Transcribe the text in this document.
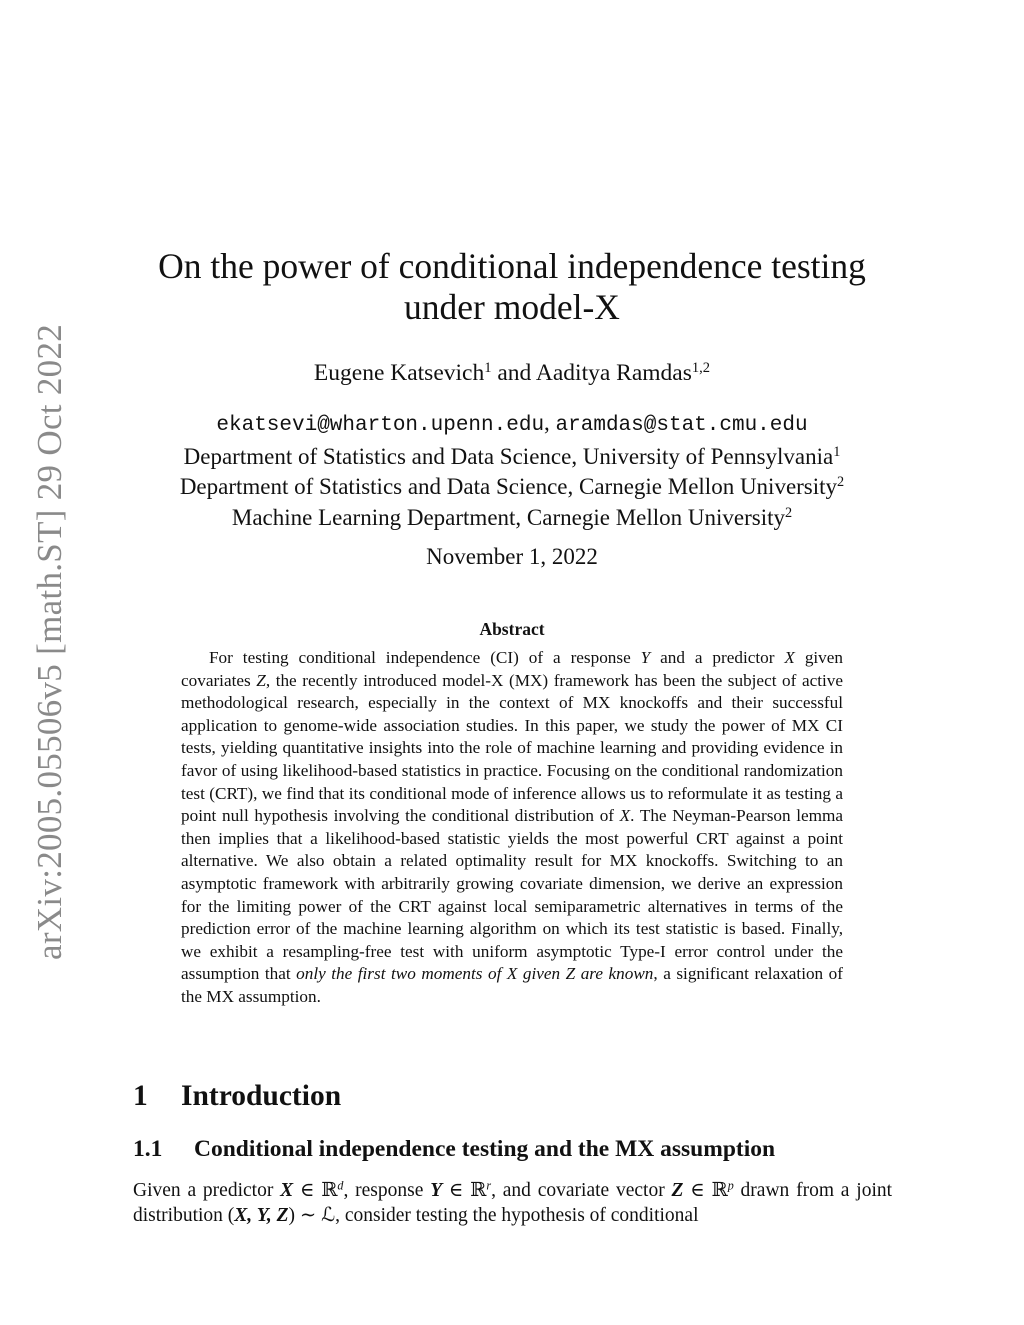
arXiv:2005.05506v5 [math.ST] 29 Oct 2022
On the power of conditional independence testing
under model-X
Eugene Katsevich$^1$ and Aaditya Ramdas$^{1,2}$
ekatsevi@wharton.upenn.edu, aramdas@stat.cmu.edu
Department of Statistics and Data Science, University of Pennsylvania$^1$
Department of Statistics and Data Science, Carnegie Mellon University$^2$
Machine Learning Department, Carnegie Mellon University$^2$
November 1, 2022
Abstract
For testing conditional independence (CI) of a response Y and a predictor X given covariates Z, the recently introduced model-X (MX) framework has been the subject of active methodological research, especially in the context of MX knockoffs and their successful application to genome-wide association studies. In this paper, we study the power of MX CI tests, yielding quantitative insights into the role of machine learning and providing evidence in favor of using likelihood-based statistics in practice. Focusing on the conditional randomization test (CRT), we find that its conditional mode of inference allows us to reformulate it as testing a point null hypothesis involving the conditional distribution of X. The Neyman-Pearson lemma then implies that a likelihood-based statistic yields the most powerful CRT against a point alternative. We also obtain a related optimality result for MX knockoffs. Switching to an asymptotic framework with arbitrarily growing covariate dimension, we derive an expression for the limiting power of the CRT against local semiparametric alternatives in terms of the prediction error of the machine learning algorithm on which its test statistic is based. Finally, we exhibit a resampling-free test with uniform asymptotic Type-I error control under the assumption that only the first two moments of X given Z are known, a significant relaxation of the MX assumption.
1 Introduction
1.1 Conditional independence testing and the MX assumption
Given a predictor X ∈ ℝ$^d$, response Y ∈ ℝ$^r$, and covariate vector Z ∈ ℝ$^p$ drawn from a joint distribution (X, Y, Z) ∼ ℒ, consider testing the hypothesis of conditional
